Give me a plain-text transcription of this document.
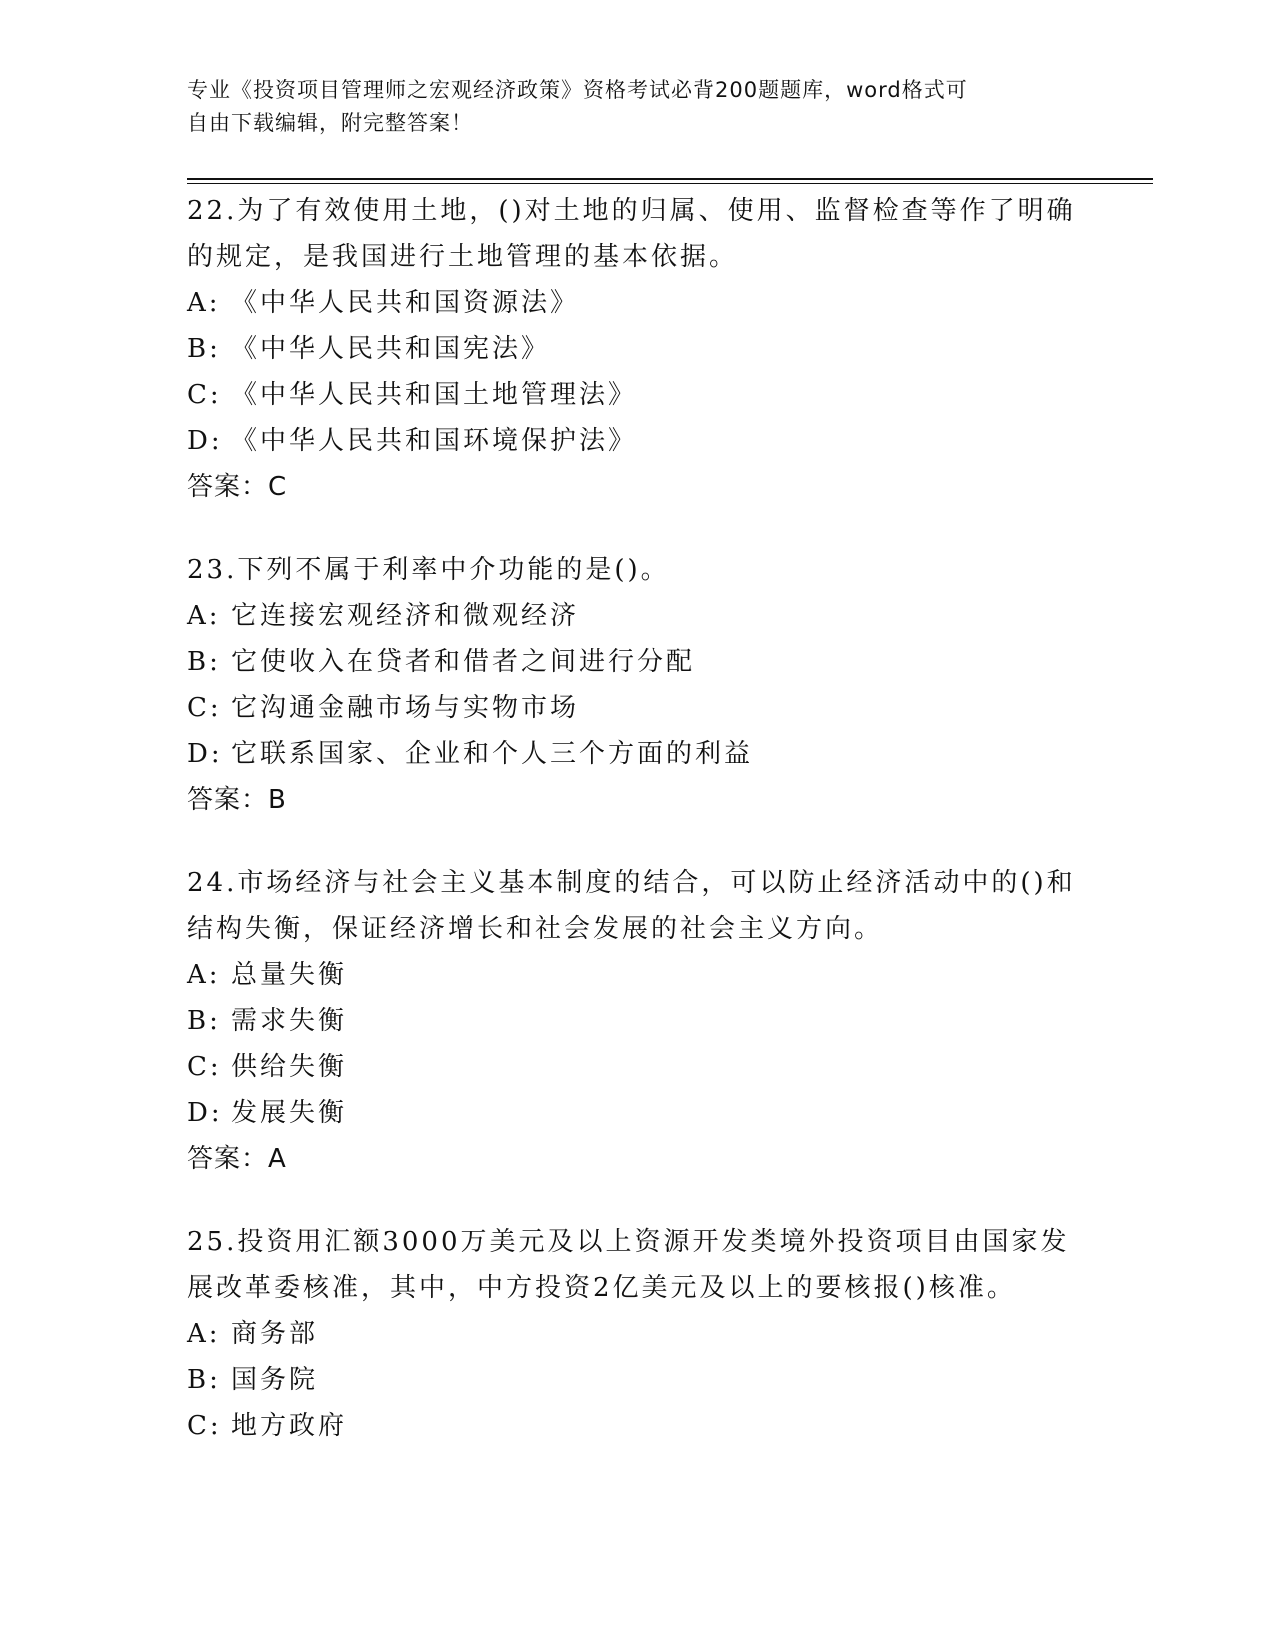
专业《投资项目管理师之宏观经济政策》资格考试必背200题题库，word格式可
自由下载编辑，附完整答案！
22.为了有效使用土地，()对土地的归属、使用、监督检查等作了明确
的规定，是我国进行土地管理的基本依据。
A: 《中华人民共和国资源法》
B: 《中华人民共和国宪法》
C: 《中华人民共和国土地管理法》
D: 《中华人民共和国环境保护法》
答案：C
23.下列不属于利率中介功能的是()。
A: 它连接宏观经济和微观经济
B: 它使收入在贷者和借者之间进行分配
C: 它沟通金融市场与实物市场
D: 它联系国家、企业和个人三个方面的利益
答案：B
24.市场经济与社会主义基本制度的结合，可以防止经济活动中的()和
结构失衡，保证经济增长和社会发展的社会主义方向。
A: 总量失衡
B: 需求失衡
C: 供给失衡
D: 发展失衡
答案：A
25.投资用汇额3000万美元及以上资源开发类境外投资项目由国家发
展改革委核准，其中，中方投资2亿美元及以上的要核报()核准。
A: 商务部
B: 国务院
C: 地方政府
